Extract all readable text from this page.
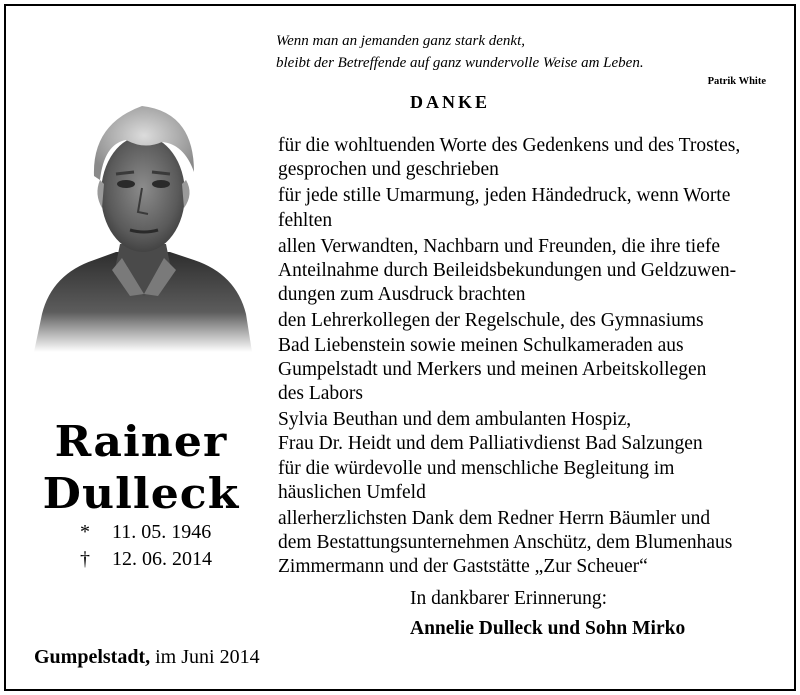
Wenn man an jemanden ganz stark denkt,
bleibt der Betreffende auf ganz wundervolle Weise am Leben.
Patrik White
DANKE
Rainer
Dulleck
* 11. 05. 1946
† 12. 06. 2014

für die wohltuenden Worte des Gedenkens und des Trostes,
gesprochen und geschrieben

für jede stille Umarmung, jeden Händedruck, wenn Worte
fehlten

allen Verwandten, Nachbarn und Freunden, die ihre tiefe
Anteilnahme durch Beileidsbekundungen und Geldzuwen-
dungen zum Ausdruck brachten

den Lehrerkollegen der Regelschule, des Gymnasiums
Bad Liebenstein sowie meinen Schulkameraden aus
Gumpelstadt und Merkers und meinen Arbeitskollegen
des Labors

Sylvia Beuthan und dem ambulanten Hospiz,
Frau Dr. Heidt und dem Palliativdienst Bad Salzungen
für die würdevolle und menschliche Begleitung im
häuslichen Umfeld

allerherzlichsten Dank dem Redner Herrn Bäumler und
dem Bestattungsunternehmen Anschütz, dem Blumenhaus
Zimmermann und der Gaststätte „Zur Scheuer“

In dankbarer Erinnerung:
Annelie Dulleck und Sohn Mirko
Gumpelstadt, im Juni 2014
